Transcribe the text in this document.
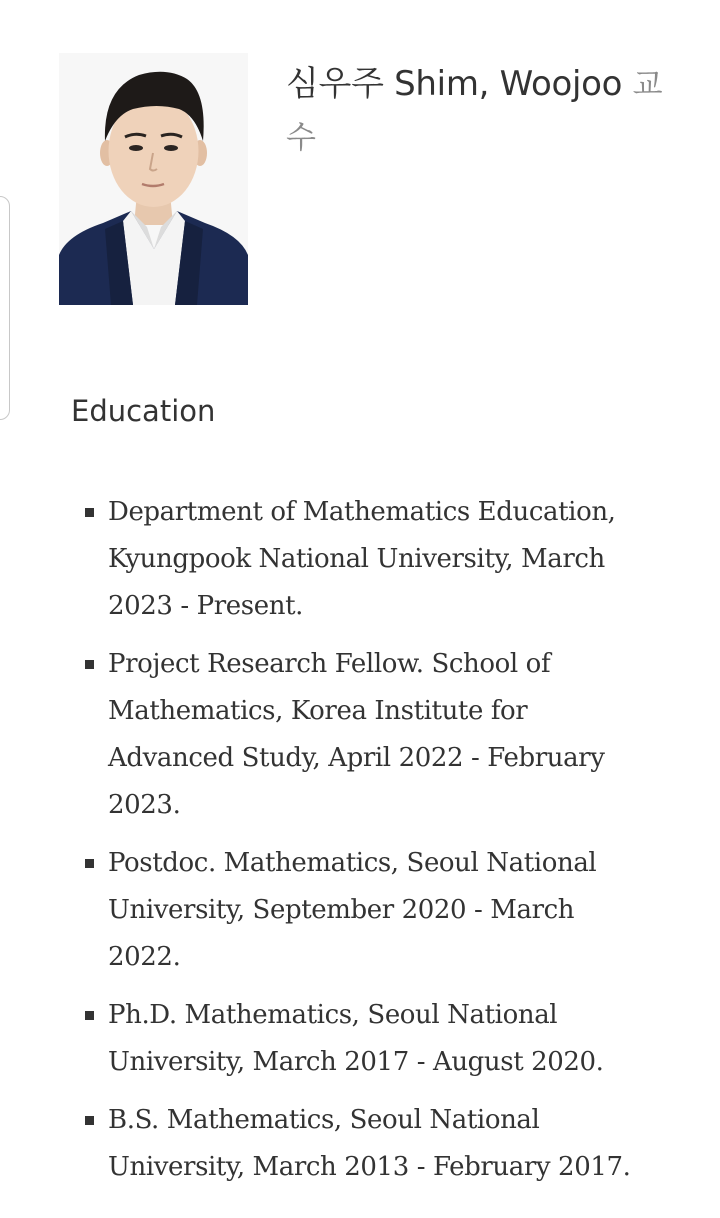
심우주 Shim, Woojoo 교수
Education
Department of Mathematics Education, Kyungpook National University, March 2023 - Present.
Project Research Fellow. School of Mathematics, Korea Institute for Advanced Study, April 2022 - February 2023.
Postdoc. Mathematics, Seoul National University, September 2020 - March 2022.
Ph.D. Mathematics, Seoul National University, March 2017 - August 2020.
B.S. Mathematics, Seoul National University, March 2013 - February 2017.
